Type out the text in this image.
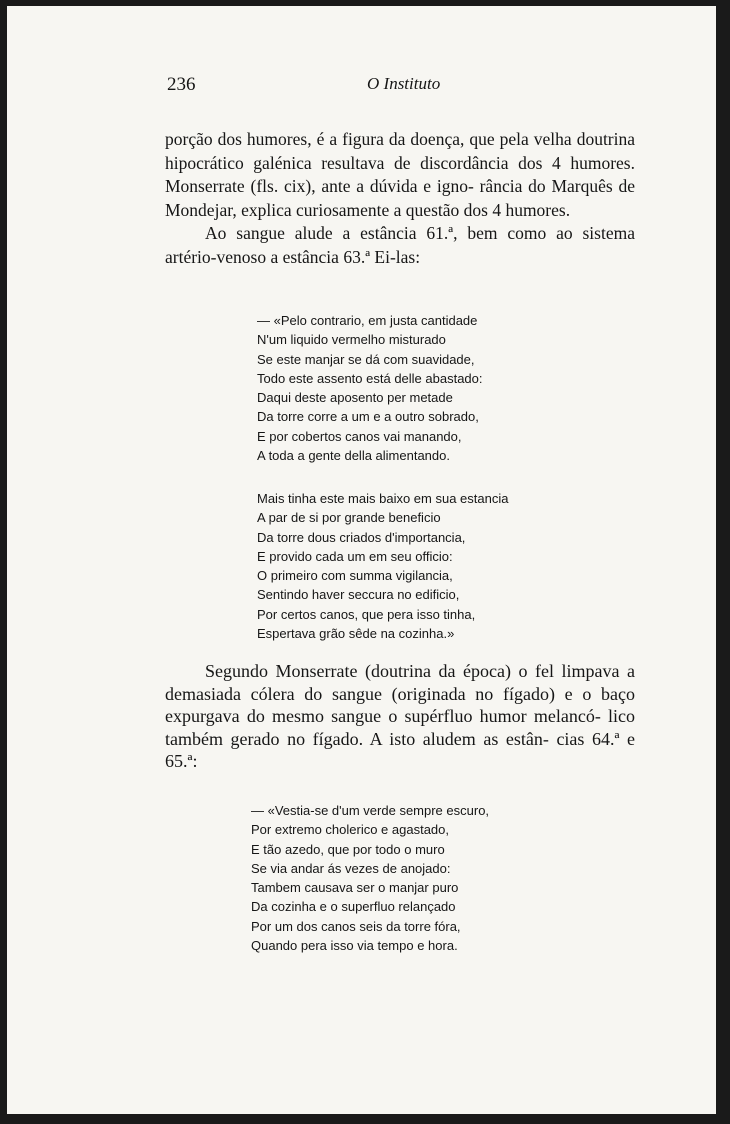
236	O Instituto

porção dos humores, é a figura da doença, que pela velha doutrina hipocrático galénica resultava de discordância dos 4 humores. Monserrate (fls. cix), ante a dúvida e igno- rância do Marquês de Mondejar, explica curiosamente a questão dos 4 humores.

Ao sangue alude a estância 61.ª, bem como ao sistema artério-venoso a estância 63.ª Ei-las:

— «Pelo contrario, em justa cantidade
N'um liquido vermelho misturado
Se este manjar se dá com suavidade,
Todo este assento está delle abastado:
Daqui deste aposento per metade
Da torre corre a um e a outro sobrado,
E por cobertos canos vai manando,
A toda a gente della alimentando.
Mais tinha este mais baixo em sua estancia
A par de si por grande beneficio
Da torre dous criados d'importancia,
E provido cada um em seu officio:
O primeiro com summa vigilancia,
Sentindo haver seccura no edificio,
Por certos canos, que pera isso tinha,
Espertava grão sêde na cozinha.»

Segundo Monserrate (doutrina da época) o fel limpava a demasiada cólera do sangue (originada no fígado) e o baço expurgava do mesmo sangue o supérfluo humor melancó- lico também gerado no fígado. A isto aludem as estân- cias 64.ª e 65.ª:

— «Vestia-se d'um verde sempre escuro,
Por extremo cholerico e agastado,
E tão azedo, que por todo o muro
Se via andar ás vezes de anojado:
Tambem causava ser o manjar puro
Da cozinha e o superfluo relançado
Por um dos canos seis da torre fóra,
Quando pera isso via tempo e hora.
